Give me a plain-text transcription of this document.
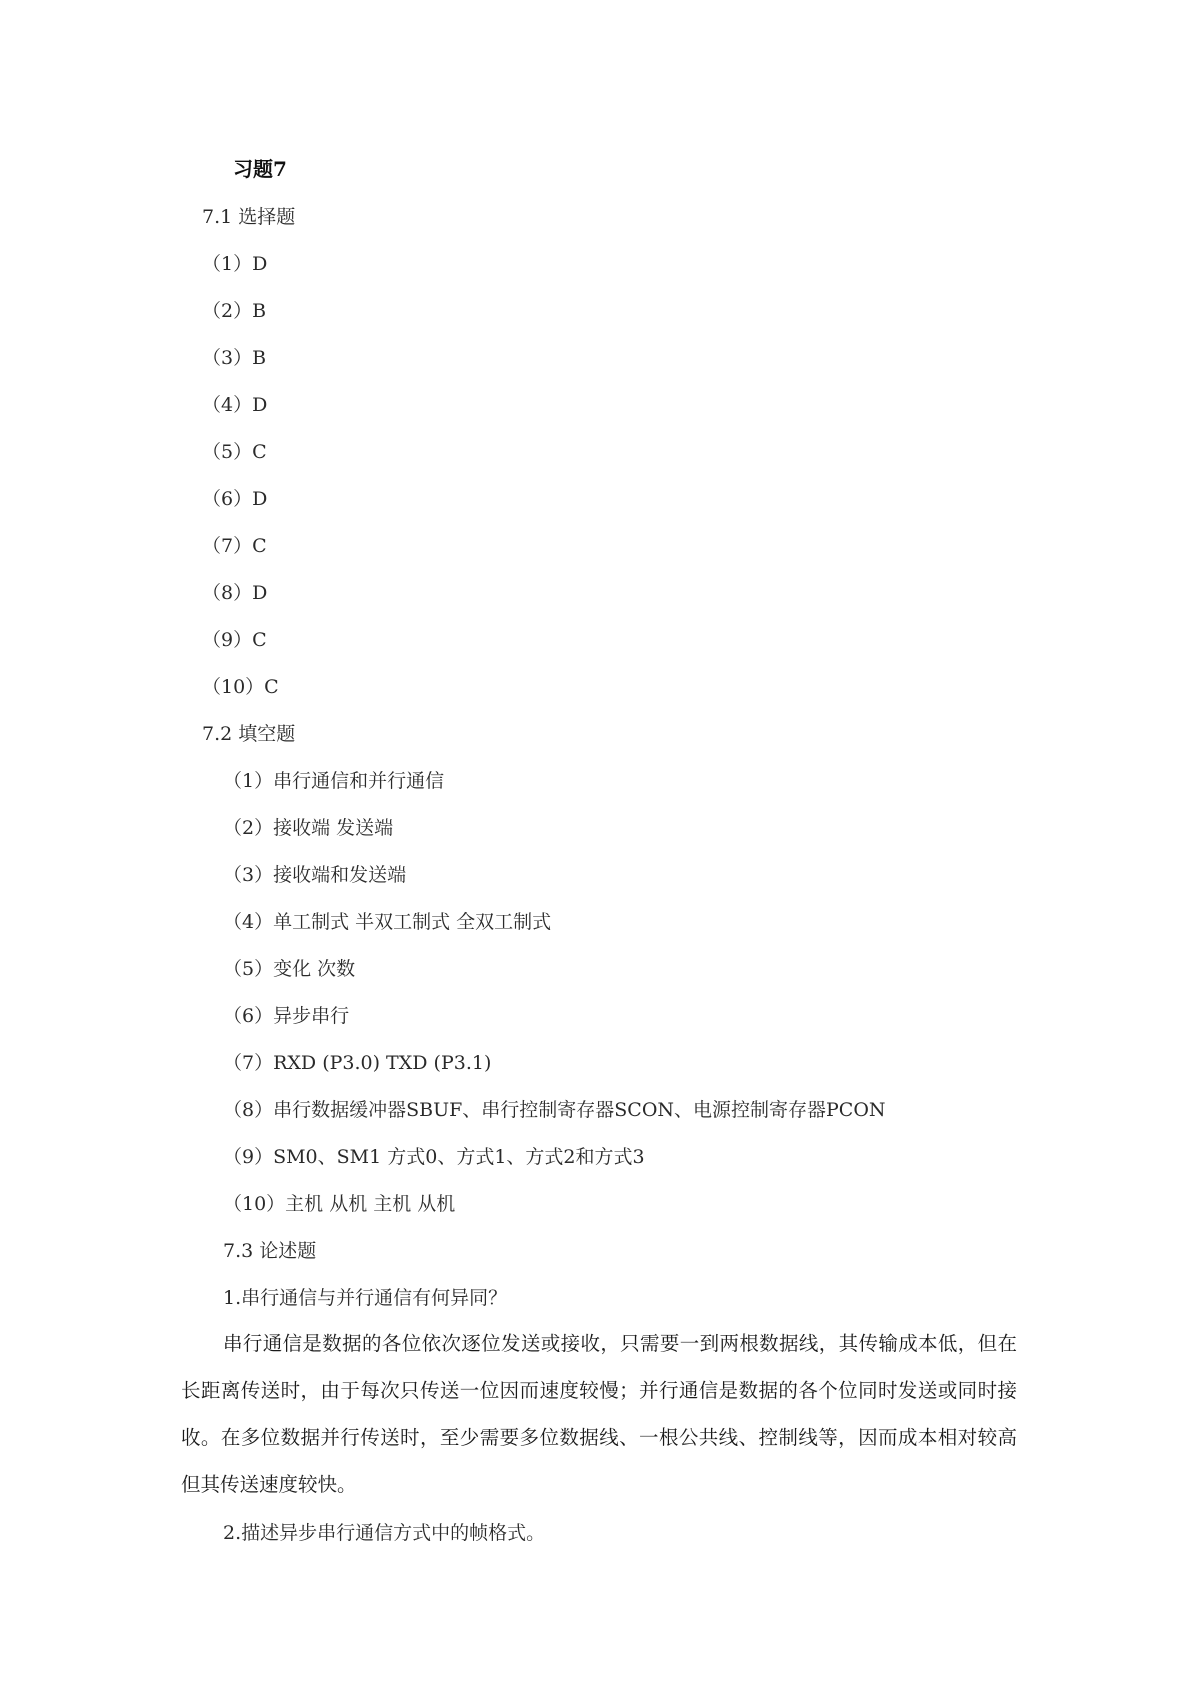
习题7
7.1 选择题
（1）D
（2）B
（3）B
（4）D
（5）C
（6）D
（7）C
（8）D
（9）C
（10）C
7.2 填空题
（1）串行通信和并行通信
（2）接收端 发送端
（3）接收端和发送端
（4）单工制式 半双工制式 全双工制式
（5）变化 次数
（6）异步串行
（7）RXD (P3.0) TXD (P3.1)
（8）串行数据缓冲器SBUF、串行控制寄存器SCON、电源控制寄存器PCON
（9）SM0、SM1 方式0、方式1、方式2和方式3
（10）主机 从机 主机 从机
7.3 论述题
1.串行通信与并行通信有何异同？
串行通信是数据的各位依次逐位发送或接收，只需要一到两根数据线，其传输成本低，但在长距离传送时，由于每次只传送一位因而速度较慢；并行通信是数据的各个位同时发送或同时接收。在多位数据并行传送时，至少需要多位数据线、一根公共线、控制线等，因而成本相对较高但其传送速度较快。
2.描述异步串行通信方式中的帧格式。
